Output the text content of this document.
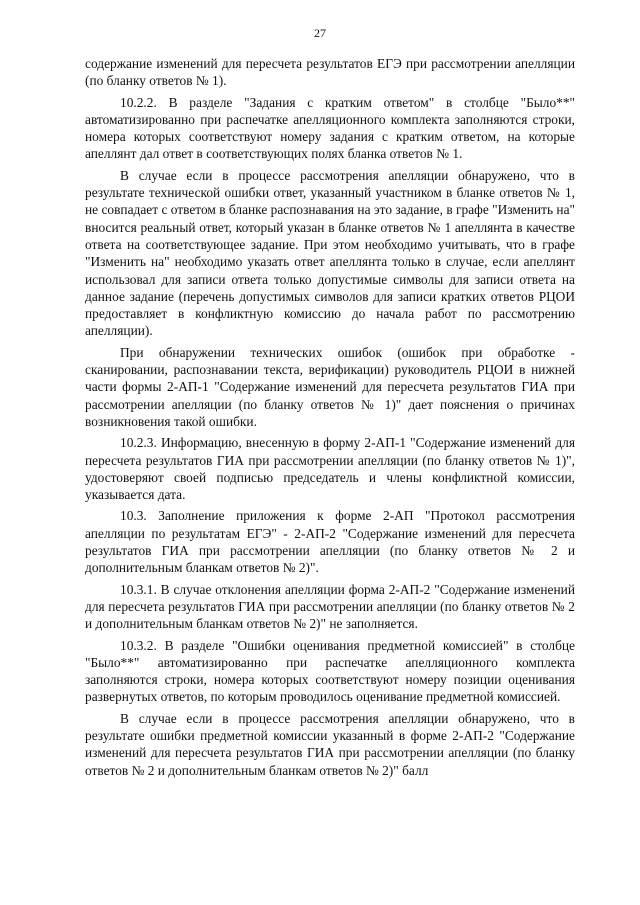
27

содержание изменений для пересчета результатов ЕГЭ при рассмотрении апелляции (по бланку ответов № 1).

10.2.2. В разделе "Задания с кратким ответом" в столбце "Было**" автоматизированно при распечатке апелляционного комплекта заполняются строки, номера которых соответствуют номеру задания с кратким ответом, на которые апеллянт дал ответ в соответствующих полях бланка ответов № 1.

В случае если в процессе рассмотрения апелляции обнаружено, что в результате технической ошибки ответ, указанный участником в бланке ответов № 1, не совпадает с ответом в бланке распознавания на это задание, в графе "Изменить на" вносится реальный ответ, который указан в бланке ответов № 1 апеллянта в качестве ответа на соответствующее задание. При этом необходимо учитывать, что в графе "Изменить на" необходимо указать ответ апеллянта только в случае, если апеллянт использовал для записи ответа только допустимые символы для записи ответа на данное задание (перечень допустимых символов для записи кратких ответов РЦОИ предоставляет в конфликтную комиссию до начала работ по рассмотрению апелляции).

При обнаружении технических ошибок (ошибок при обработке - сканировании, распознавании текста, верификации) руководитель РЦОИ в нижней части формы 2-АП-1 "Содержание изменений для пересчета результатов ГИА при рассмотрении апелляции (по бланку ответов № 1)" дает пояснения о причинах возникновения такой ошибки.

10.2.3. Информацию, внесенную в форму 2-АП-1 "Содержание изменений для пересчета результатов ГИА при рассмотрении апелляции (по бланку ответов № 1)", удостоверяют своей подписью председатель и члены конфликтной комиссии, указывается дата.

10.3. Заполнение приложения к форме 2-АП "Протокол рассмотрения апелляции по результатам ЕГЭ" - 2-АП-2 "Содержание изменений для пересчета результатов ГИА при рассмотрении апелляции (по бланку ответов № 2 и дополнительным бланкам ответов № 2)".

10.3.1. В случае отклонения апелляции форма 2-АП-2 "Содержание изменений для пересчета результатов ГИА при рассмотрении апелляции (по бланку ответов № 2 и дополнительным бланкам ответов № 2)" не заполняется.

10.3.2. В разделе "Ошибки оценивания предметной комиссией" в столбце "Было**" автоматизированно при распечатке апелляционного комплекта заполняются строки, номера которых соответствуют номеру позиции оценивания развернутых ответов, по которым проводилось оценивание предметной комиссией.

В случае если в процессе рассмотрения апелляции обнаружено, что в результате ошибки предметной комиссии указанный в форме 2-АП-2 "Содержание изменений для пересчета результатов ГИА при рассмотрении апелляции (по бланку ответов № 2 и дополнительным бланкам ответов № 2)" балл
